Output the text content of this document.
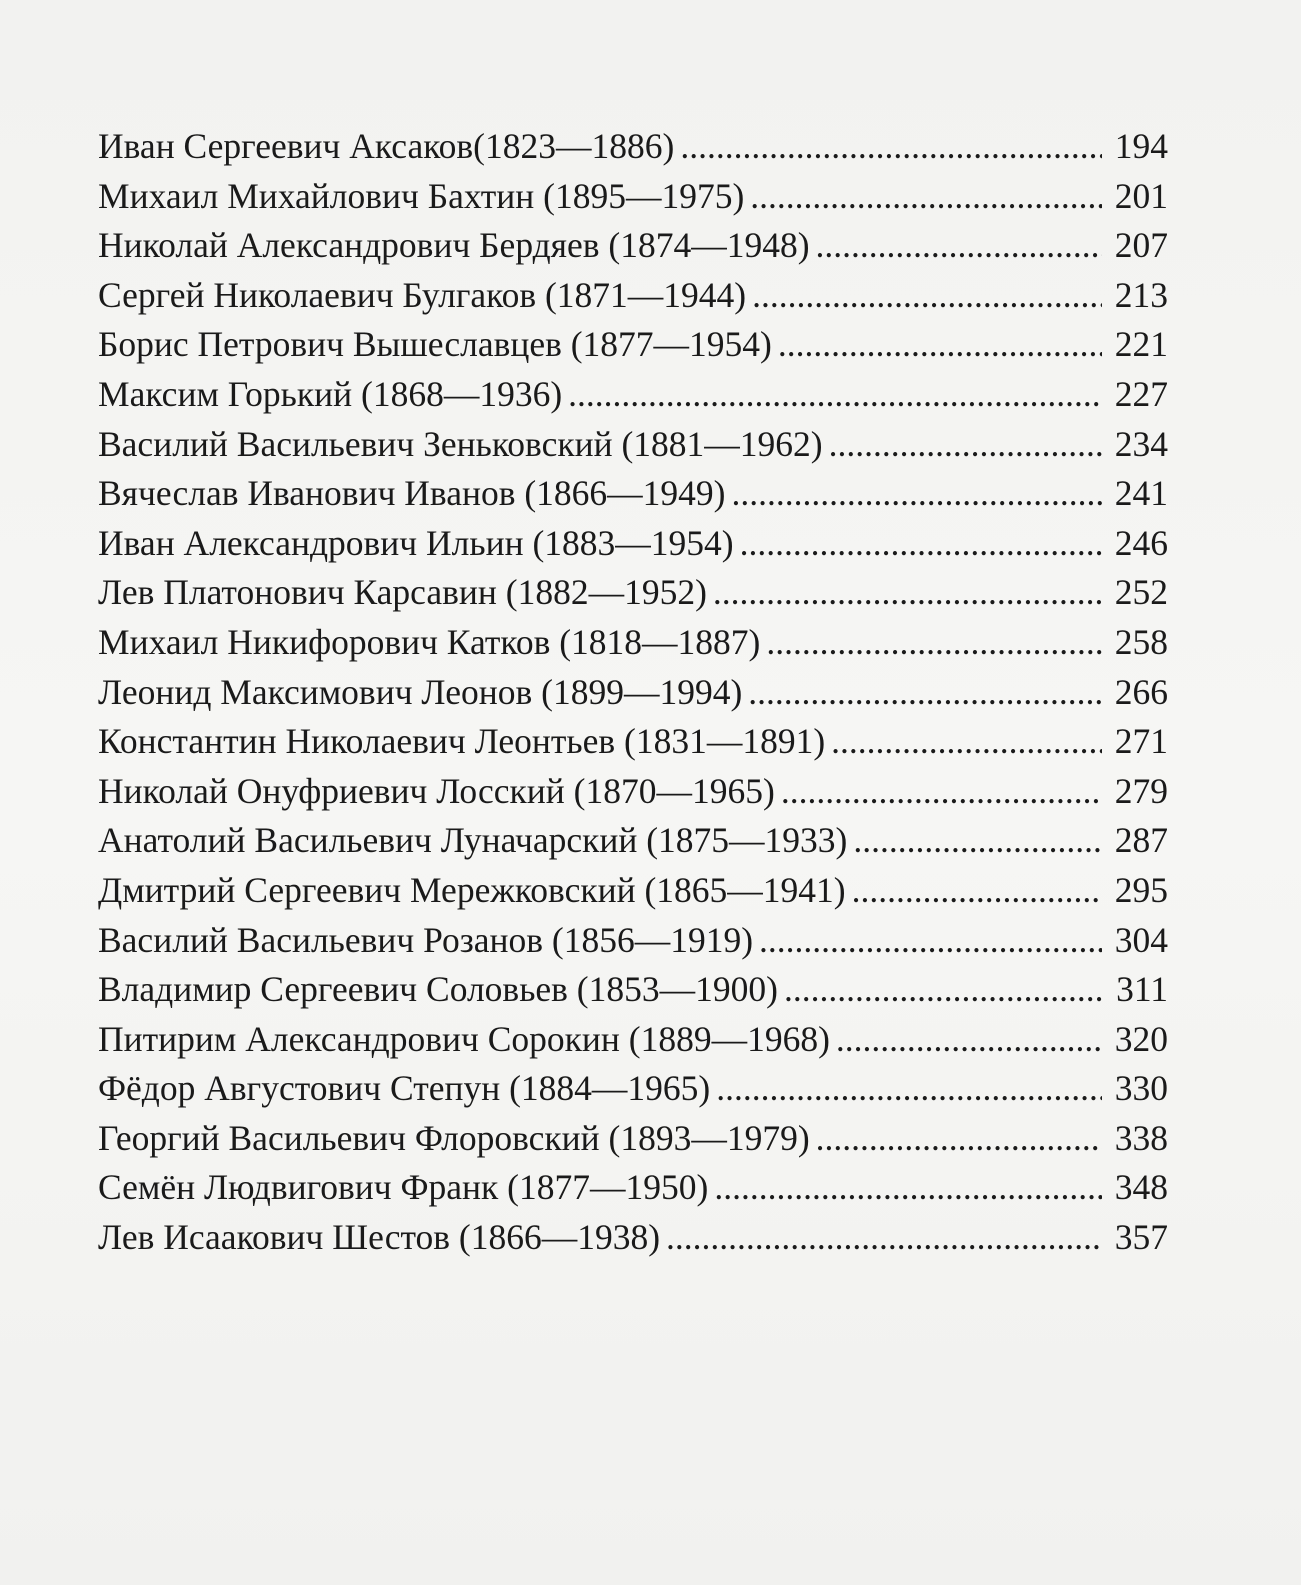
Иван Сергеевич Аксаков(1823—1886) .....	194
Михаил Михайлович Бахтин (1895—1975) .....	201
Николай Александрович Бердяев (1874—1948) .....	207
Сергей Николаевич Булгаков (1871—1944) .....	213
Борис Петрович Вышеславцев (1877—1954) .....	221
Максим Горький (1868—1936) .....	227
Василий Васильевич Зеньковский (1881—1962) .....	234
Вячеслав Иванович Иванов (1866—1949) .....	241
Иван Александрович Ильин (1883—1954) .....	246
Лев Платонович Карсавин (1882—1952) .....	252
Михаил Никифорович Катков (1818—1887) .....	258
Леонид Максимович Леонов (1899—1994) .....	266
Константин Николаевич Леонтьев (1831—1891) .....	271
Николай Онуфриевич Лосский (1870—1965) .....	279
Анатолий Васильевич Луначарский (1875—1933) .....	287
Дмитрий Сергеевич Мережковский (1865—1941) .....	295
Василий Васильевич Розанов (1856—1919) .....	304
Владимир Сергеевич Соловьев (1853—1900) .....	311
Питирим Александрович Сорокин (1889—1968) .....	320
Фёдор Августович Степун (1884—1965) .....	330
Георгий Васильевич Флоровский (1893—1979) .....	338
Семён Людвигович Франк (1877—1950) .....	348
Лев Исаакович Шестов (1866—1938) .....	357
